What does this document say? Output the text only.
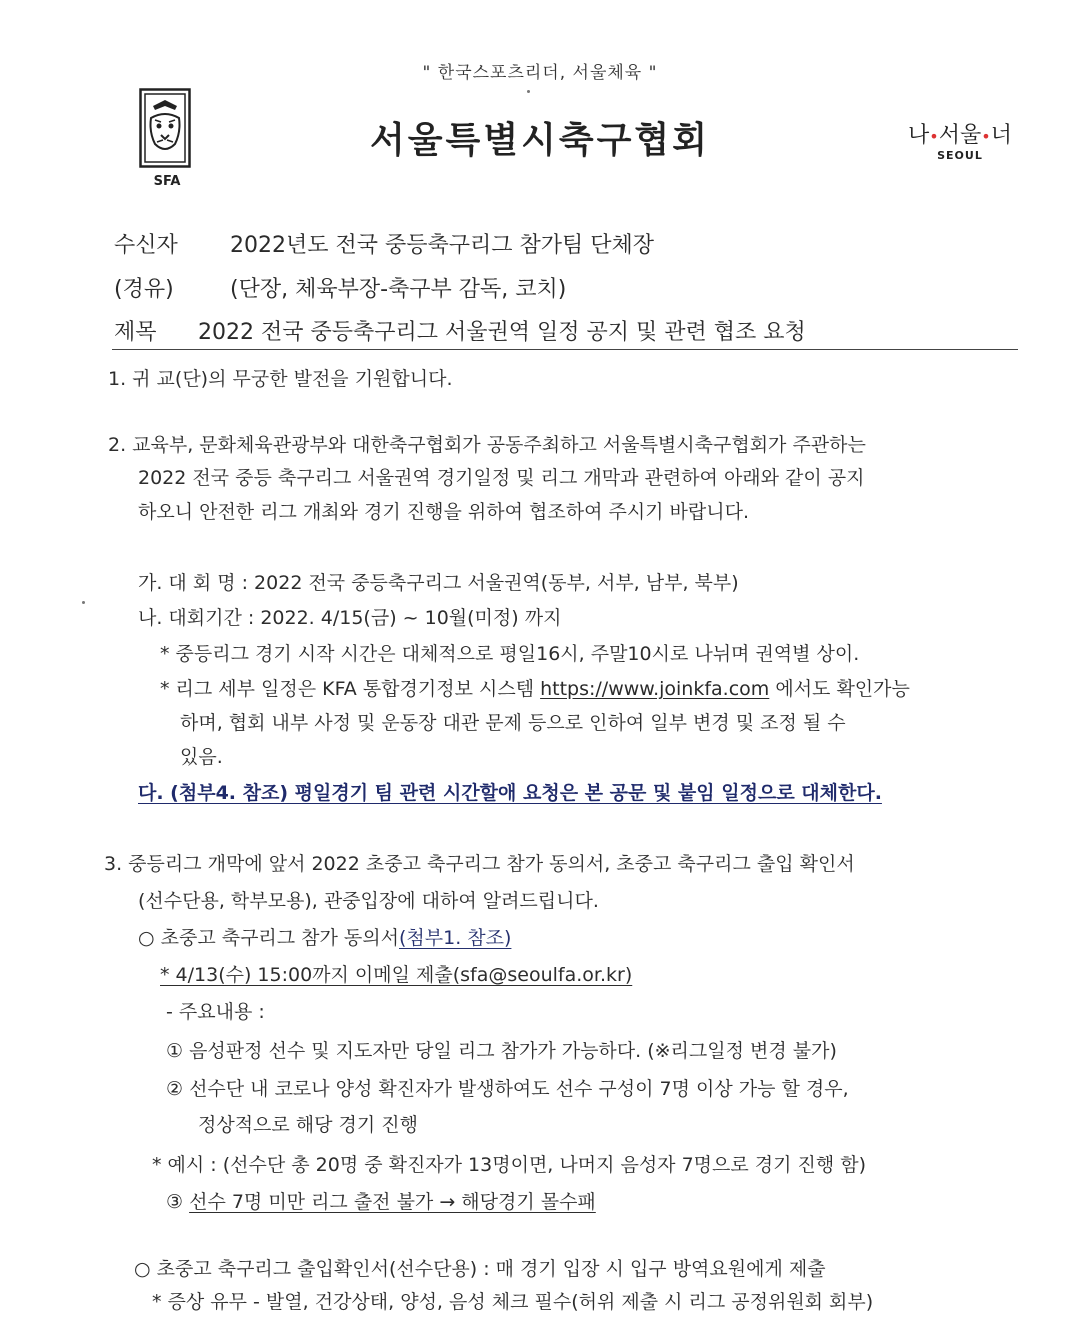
" 한국스포츠리더, 서울체육 "
SFA
서울특별시축구협회	나•서울•너
SEOUL
수신자 2022년도 전국 중등축구리그 참가팀 단체장
(경유)	(단장, 체육부장-축구부 감독, 코치)
제목 2022 전국 중등축구리그 서울권역 일정 공지 및 관련 협조 요청
1. 귀 교(단)의 무궁한 발전을 기원합니다.
2. 교육부, 문화체육관광부와 대한축구협회가 공동주최하고 서울특별시축구협회가 주관하는
2022 전국 중등 축구리그 서울권역 경기일정 및 리그 개막과 관련하여 아래와 같이 공지
하오니 안전한 리그 개최와 경기 진행을 위하여 협조하여 주시기 바랍니다.
가. 대 회 명 : 2022 전국 중등축구리그 서울권역(동부, 서부, 남부, 북부)
나. 대회기간 : 2022. 4/15(금) ~ 10월(미정) 까지
* 중등리그 경기 시작 시간은 대체적으로 평일16시, 주말10시로 나뉘며 권역별 상이.
* 리그 세부 일정은 KFA 통합경기정보 시스템 https://www.joinkfa.com 에서도 확인가능
하며, 협회 내부 사정 및 운동장 대관 문제 등으로 인하여 일부 변경 및 조정 될 수
있음.
다. (첨부4. 참조) 평일경기 팀 관련 시간할애 요청은 본 공문 및 붙임 일정으로 대체한다.
3. 중등리그 개막에 앞서 2022 초중고 축구리그 참가 동의서, 초중고 축구리그 출입 확인서
(선수단용, 학부모용), 관중입장에 대하여 알려드립니다.
○ 초중고 축구리그 참가 동의서(첨부1. 참조)
* 4/13(수) 15:00까지 이메일 제출(sfa@seoulfa.or.kr)
- 주요내용 :
① 음성판정 선수 및 지도자만 당일 리그 참가가 가능하다. (※리그일정 변경 불가)
② 선수단 내 코로나 양성 확진자가 발생하여도 선수 구성이 7명 이상 가능 할 경우,
정상적으로 해당 경기 진행
* 예시 : (선수단 총 20명 중 확진자가 13명이면, 나머지 음성자 7명으로 경기 진행 함)
③ 선수 7명 미만 리그 출전 불가 → 해당경기 몰수패
○ 초중고 축구리그 출입확인서(선수단용) : 매 경기 입장 시 입구 방역요원에게 제출
* 증상 유무 - 발열, 건강상태, 양성, 음성 체크 필수(허위 제출 시 리그 공정위원회 회부)
